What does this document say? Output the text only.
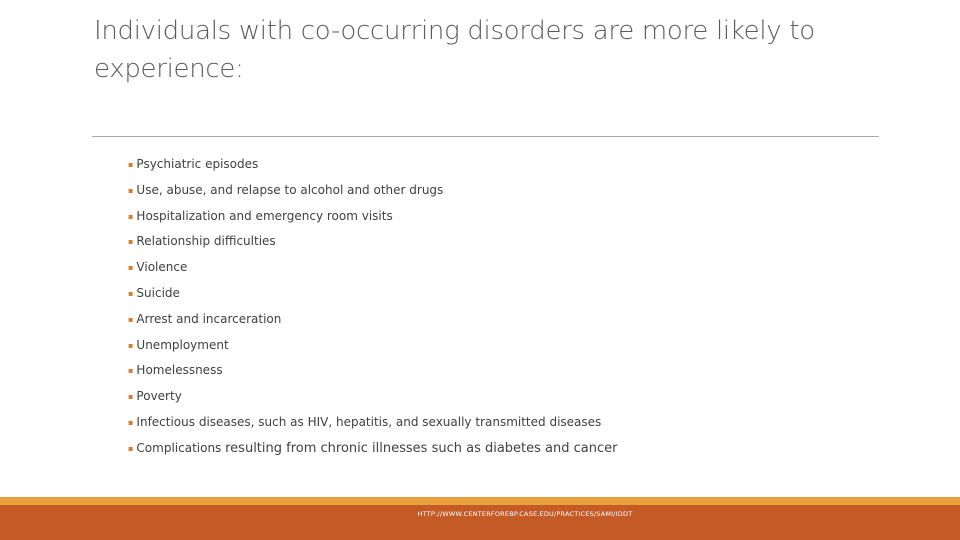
Individuals with co-occurring disorders are more likely to experience:
▪ Psychiatric episodes
▪ Use, abuse, and relapse to alcohol and other drugs
▪ Hospitalization and emergency room visits
▪ Relationship difficulties
▪ Violence
▪ Suicide
▪ Arrest and incarceration
▪ Unemployment
▪ Homelessness
▪ Poverty
▪ Infectious diseases, such as HIV, hepatitis, and sexually transmitted diseases
▪ Complications resulting from chronic illnesses such as diabetes and cancer
HTTP://WWW.CENTERFOREBP.CASE.EDU/PRACTICES/SAMI/IDDT
